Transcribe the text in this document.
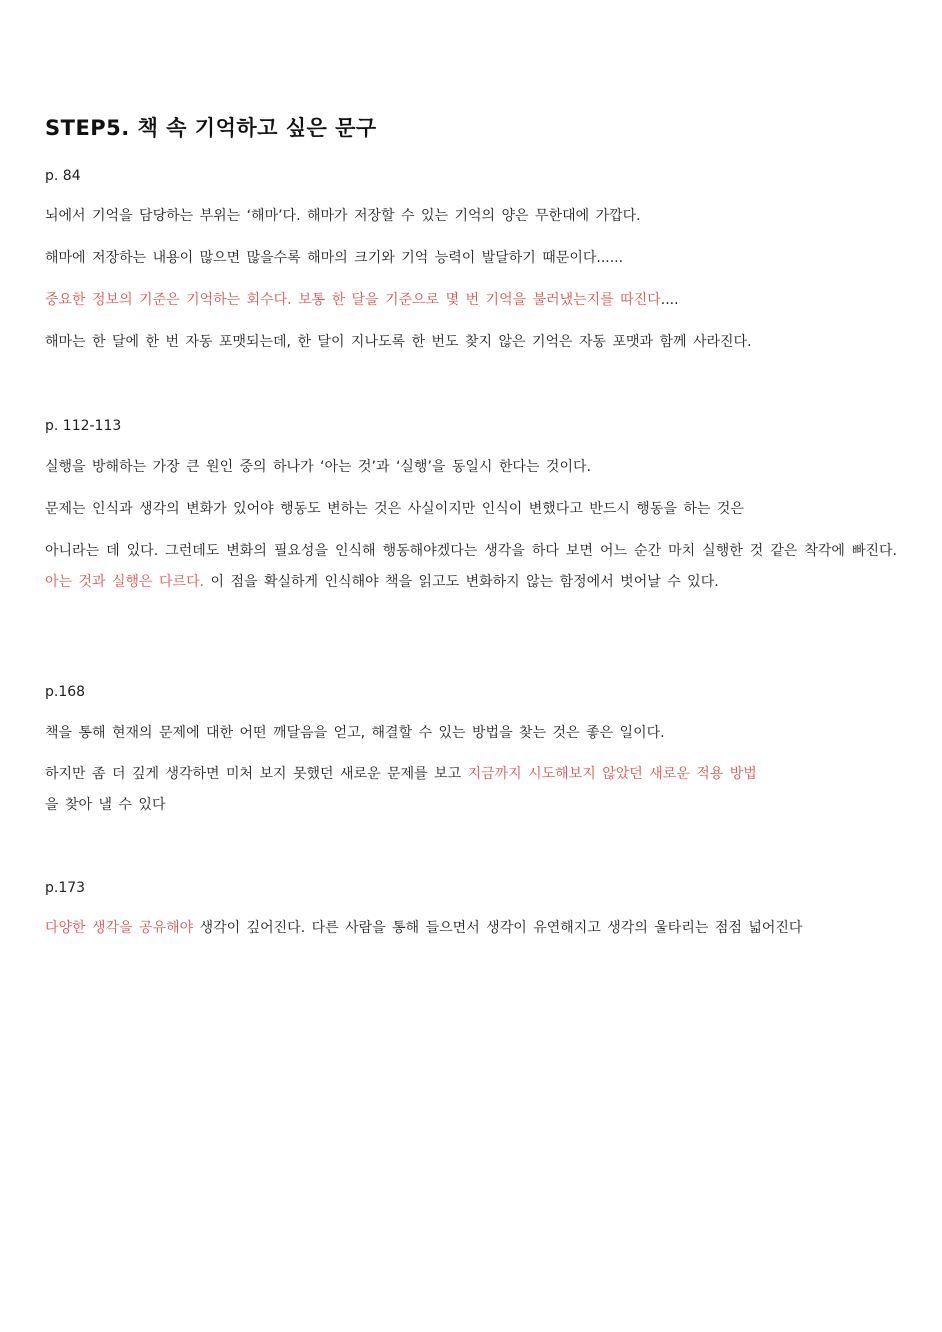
STEP5. 책 속 기억하고 싶은 문구
p. 84
뇌에서 기억을 담당하는 부위는 ‘해마’다. 해마가 저장할 수 있는 기억의 양은 무한대에 가깝다.
해마에 저장하는 내용이 많으면 많을수록 해마의 크기와 기억 능력이 발달하기 때문이다......
중요한 정보의 기준은 기억하는 회수다. 보통 한 달을 기준으로 몇 번 기억을 불러냈는지를 따진다....
해마는 한 달에 한 번 자동 포맷되는데, 한 달이 지나도록 한 번도 찾지 않은 기억은 자동 포맷과 함께 사라진다.
p. 112-113
실행을 방해하는 가장 큰 원인 중의 하나가 ‘아는 것’과 ‘실행’을 동일시 한다는 것이다.
문제는 인식과 생각의 변화가 있어야 행동도 변하는 것은 사실이지만 인식이 변했다고 반드시 행동을 하는 것은
아니라는 데 있다. 그런데도 변화의 필요성을 인식해 행동해야겠다는 생각을 하다 보면 어느 순간 마치 실행한 것 같은 착각에 빠진다. 아는 것과 실행은 다르다. 이 점을 확실하게 인식해야 책을 읽고도 변화하지 않는 함정에서 벗어날 수 있다.
p.168
책을 통해 현재의 문제에 대한 어떤 깨달음을 얻고, 해결할 수 있는 방법을 찾는 것은 좋은 일이다.
하지만 좀 더 깊게 생각하면 미처 보지 못했던 새로운 문제를 보고 지금까지 시도해보지 않았던 새로운 적용 방법
을 찾아 낼 수 있다
p.173
다양한 생각을 공유해야 생각이 깊어진다. 다른 사람을 통해 들으면서 생각이 유연해지고 생각의 울타리는 점점 넓어진다
